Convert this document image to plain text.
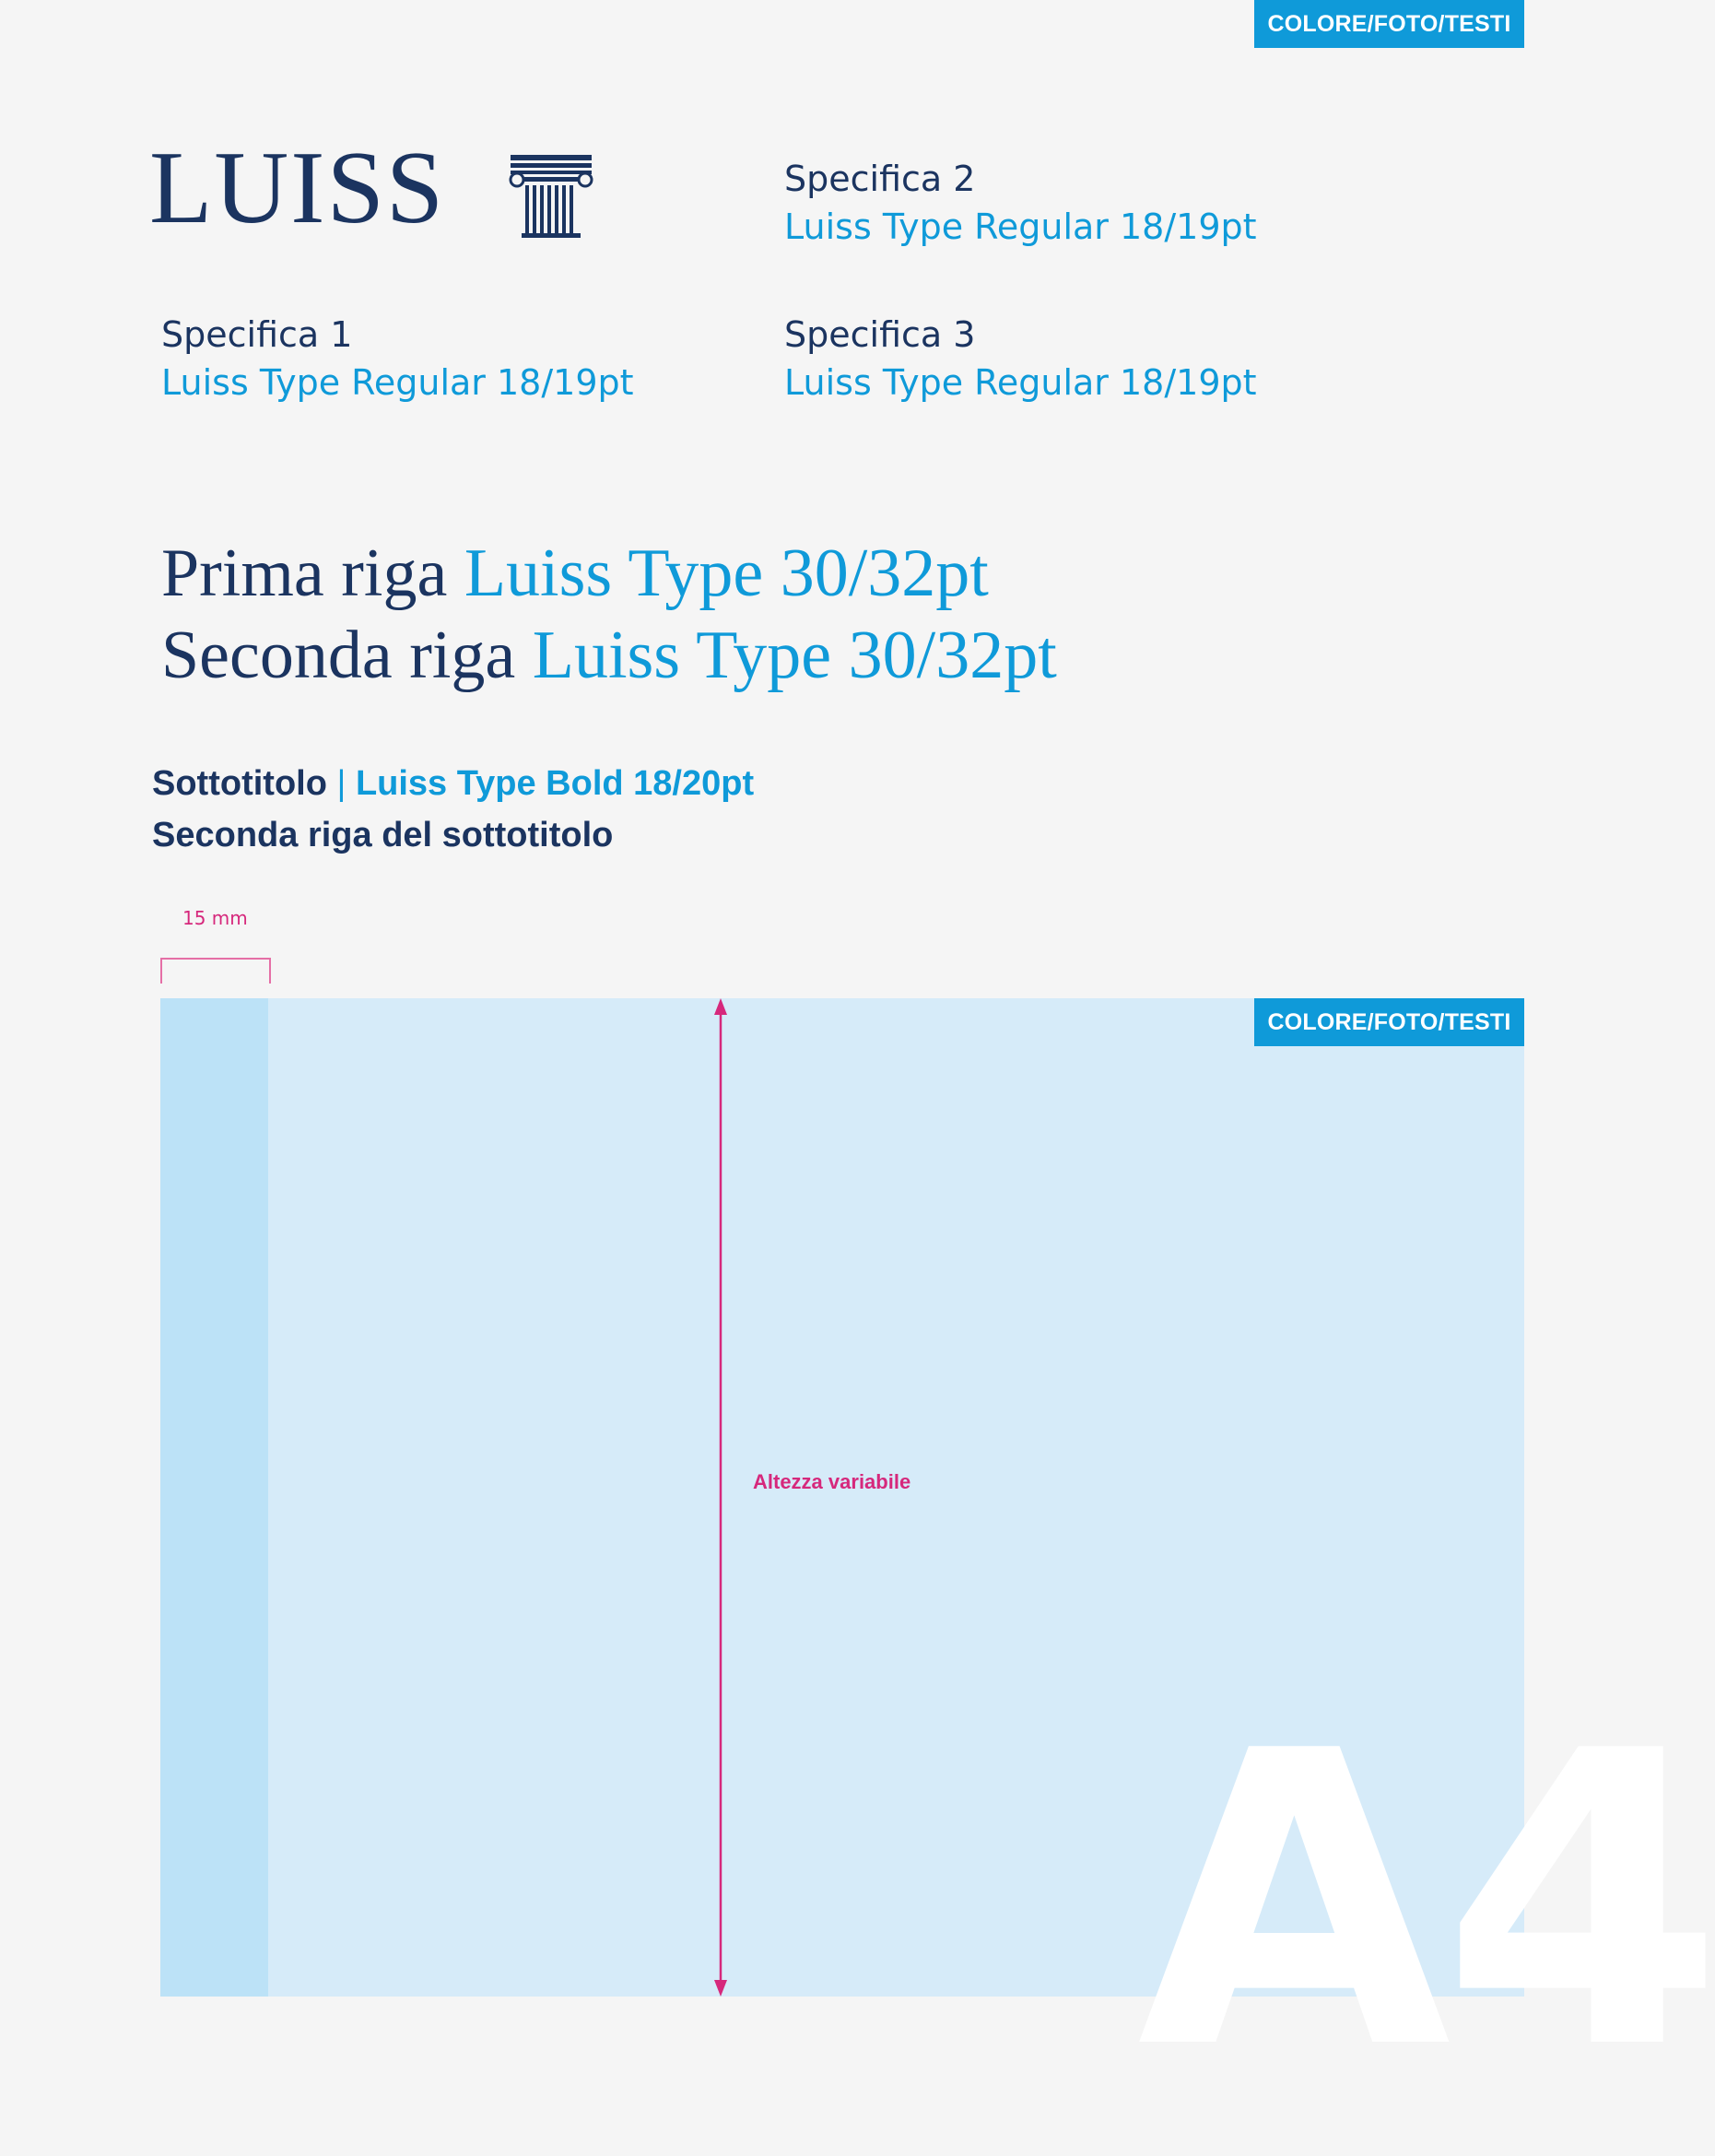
COLORE/FOTO/TESTI
LUISS	Specifica 2
Luiss Type Regular 18/19pt
Specifica 1
Luiss Type Regular 18/19pt
Specifica 3
Luiss Type Regular 18/19pt
Prima riga Luiss Type 30/32pt
Seconda riga Luiss Type 30/32pt
Sottotitolo | Luiss Type Bold 18/20pt
Seconda riga del sottotitolo
15 mm
A4
Altezza variabile
COLORE/FOTO/TESTI
